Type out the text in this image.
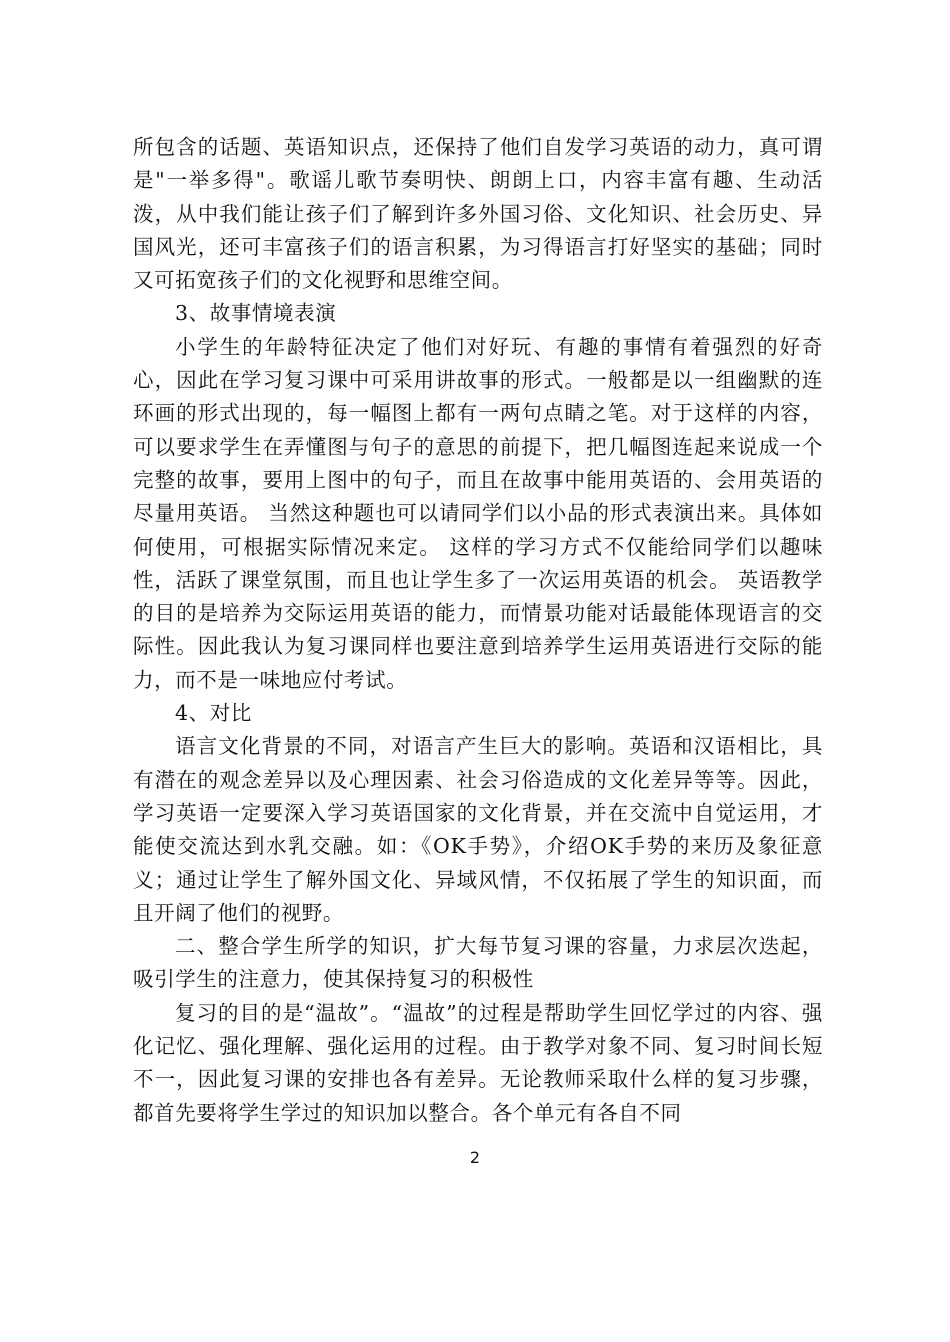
所包含的话题、英语知识点，还保持了他们自发学习英语的动力，真可谓是"一举多得"。歌谣儿歌节奏明快、朗朗上口，内容丰富有趣、生动活泼，从中我们能让孩子们了解到许多外国习俗、文化知识、社会历史、异国风光，还可丰富孩子们的语言积累，为习得语言打好坚实的基础；同时又可拓宽孩子们的文化视野和思维空间。

3、故事情境表演

小学生的年龄特征决定了他们对好玩、有趣的事情有着强烈的好奇心，因此在学习复习课中可采用讲故事的形式。一般都是以一组幽默的连环画的形式出现的，每一幅图上都有一两句点睛之笔。对于这样的内容，可以要求学生在弄懂图与句子的意思的前提下，把几幅图连起来说成一个完整的故事，要用上图中的句子，而且在故事中能用英语的、会用英语的尽量用英语。 当然这种题也可以请同学们以小品的形式表演出来。具体如何使用，可根据实际情况来定。 这样的学习方式不仅能给同学们以趣味性，活跃了课堂氛围，而且也让学生多了一次运用英语的机会。 英语教学的目的是培养为交际运用英语的能力，而情景功能对话最能体现语言的交际性。因此我认为复习课同样也要注意到培养学生运用英语进行交际的能力，而不是一味地应付考试。

4、对比

语言文化背景的不同，对语言产生巨大的影响。英语和汉语相比，具有潜在的观念差异以及心理因素、社会习俗造成的文化差异等等。因此，学习英语一定要深入学习英语国家的文化背景，并在交流中自觉运用，才能使交流达到水乳交融。如：《OK手势》，介绍OK手势的来历及象征意义；通过让学生了解外国文化、异域风情，不仅拓展了学生的知识面，而且开阔了他们的视野。

二、整合学生所学的知识，扩大每节复习课的容量，力求层次迭起，吸引学生的注意力，使其保持复习的积极性

复习的目的是“温故”。“温故”的过程是帮助学生回忆学过的内容、强化记忆、强化理解、强化运用的过程。由于教学对象不同、复习时间长短不一，因此复习课的安排也各有差异。无论教师采取什么样的复习步骤，都首先要将学生学过的知识加以整合。各个单元有各自不同

2
